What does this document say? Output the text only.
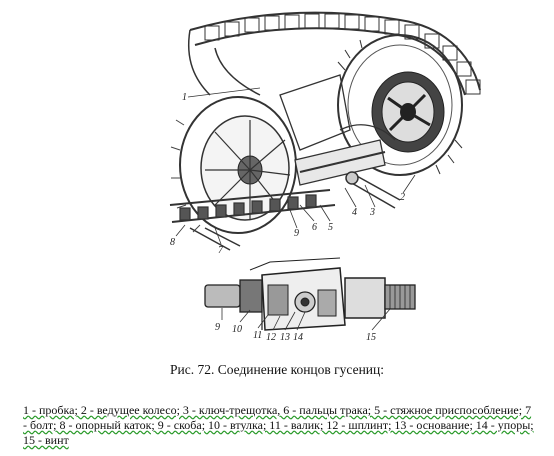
1
2
3
4
5
6
7
8
9
9 10
11 12 13 14	15
Рис. 72. Соединение концов гусениц:
1 - пробка; 2 - ведущее колесо; 3 - ключ-трещотка, 6 - пальцы трака; 5 - стяжное приспособление; 7 - болт; 8 - опорный каток; 9 - скоба; 10 - втулка; 11 - валик; 12 - шплинт; 13 - основание; 14 - упоры; 15 - винт
